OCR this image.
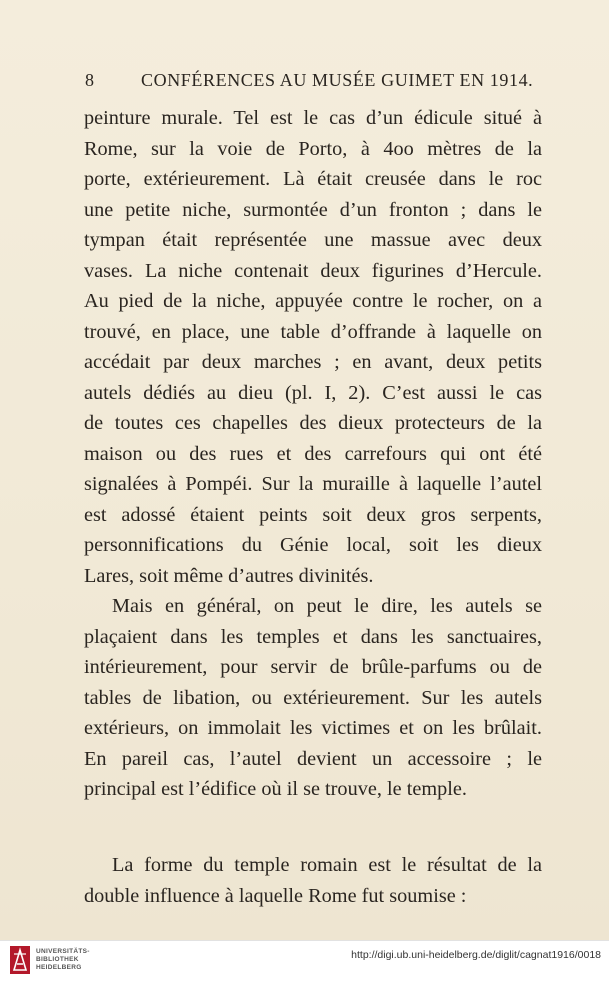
8	CONFÉRENCES AU MUSÉE GUIMET EN 1914.
peinture murale. Tel est le cas d’un édicule situé à
Rome, sur la voie de Porto, à 4oo mètres de la
porte, extérieurement. Là était creusée dans le roc
une petite niche, surmontée d’un fronton ; dans le
tympan était représentée une massue avec deux
vases. La niche contenait deux figurines d’Hercule.
Au pied de la niche, appuyée contre le rocher, on a
trouvé, en place, une table d’offrande à laquelle on
accédait par deux marches ; en avant, deux petits
autels dédiés au dieu (pl. I, 2). C’est aussi le cas
de toutes ces chapelles des dieux protecteurs de la
maison ou des rues et des carrefours qui ont été
signalées à Pompéi. Sur la muraille à laquelle l’autel
est adossé étaient peints soit deux gros serpents,
personnifications du Génie local, soit les dieux
Lares, soit même d’autres divinités.
Mais en général, on peut le dire, les autels se
plaçaient dans les temples et dans les sanctuaires,
intérieurement, pour servir de brûle-parfums ou de
tables de libation, ou extérieurement. Sur les autels
extérieurs, on immolait les victimes et on les brûlait.
En pareil cas, l’autel devient un accessoire ; le
principal est l’édifice où il se trouve, le temple.
La forme du temple romain est le résultat de la
double influence à laquelle Rome fut soumise :
UNIVERSITÄTS-
BIBLIOTHEK
HEIDELBERG
http://digi.ub.uni-heidelberg.de/diglit/cagnat1916/0018
